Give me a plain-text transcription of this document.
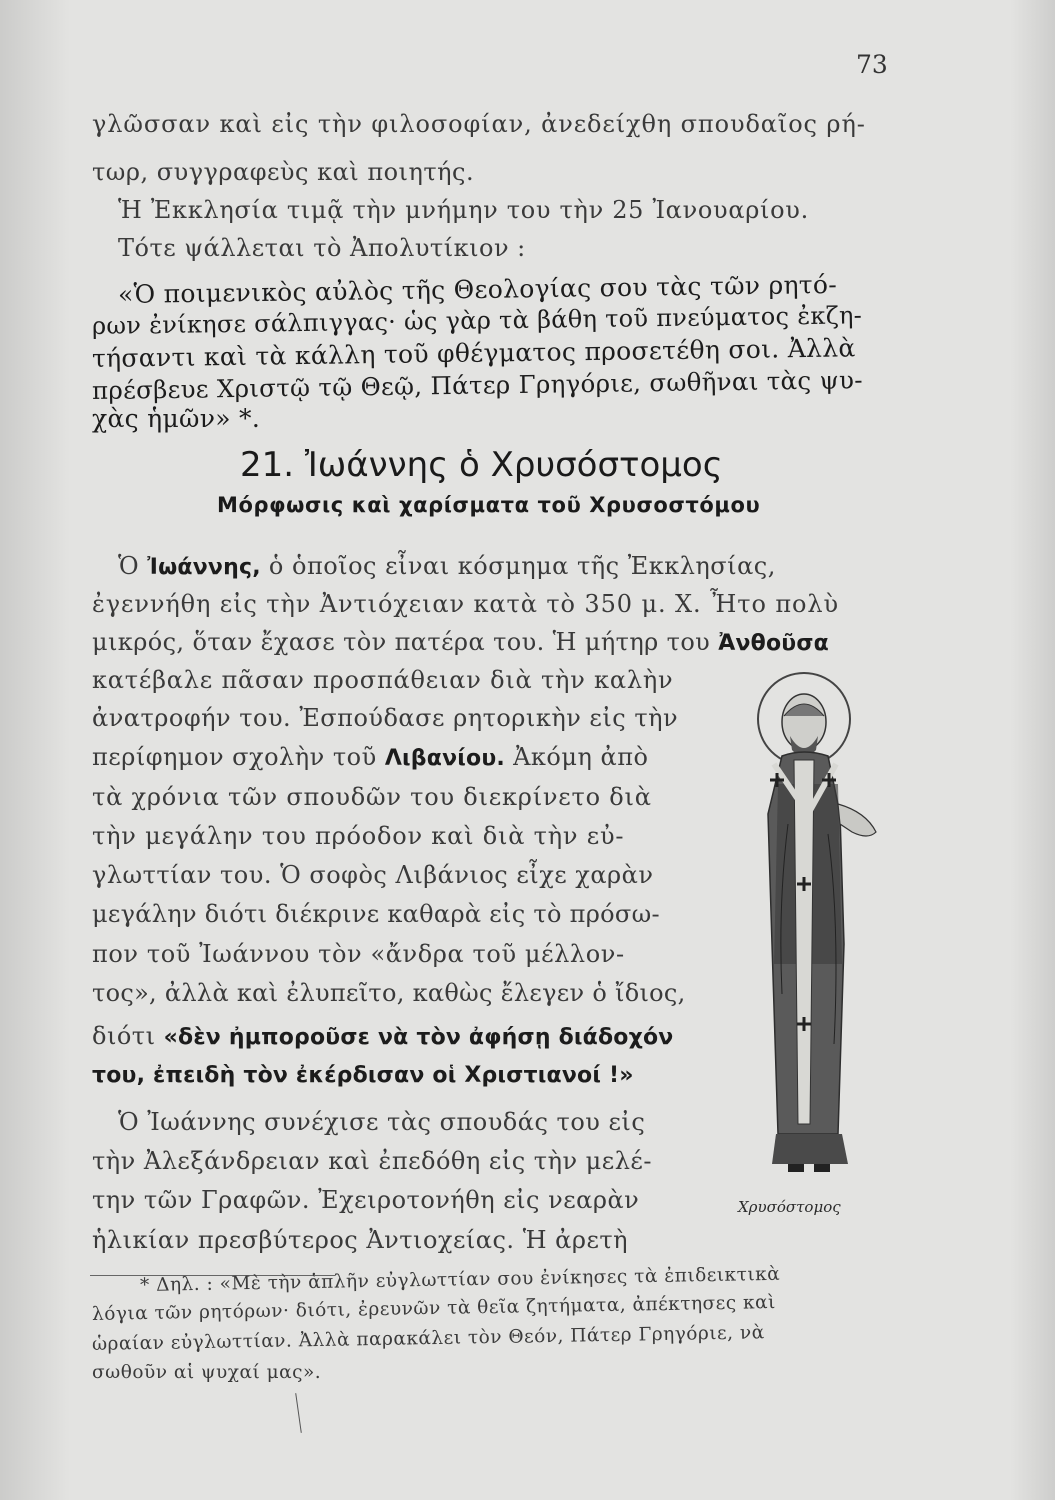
73
γλῶσσαν καὶ εἰς τὴν φιλοσοφίαν, ἀνεδείχθη σπουδαῖος ρή-
τωρ, συγγραφεὺς καὶ ποιητής.
Ἡ Ἐκκλησία τιμᾷ τὴν μνήμην του τὴν 25 Ἰανουαρίου.
Τότε ψάλλεται τὸ Ἀπολυτίκιον :
«Ὁ ποιμενικὸς αὐλὸς τῆς Θεολογίας σου τὰς τῶν ρητό-
ρων ἐνίκησε σάλπιγγας· ὡς γὰρ τὰ βάθη τοῦ πνεύματος ἐκζη-
τήσαντι καὶ τὰ κάλλη τοῦ φθέγματος προσετέθη σοι. Ἀλλὰ
πρέσβευε Χριστῷ τῷ Θεῷ, Πάτερ Γρηγόριε, σωθῆναι τὰς ψυ-
χὰς ἡμῶν» *.
21. Ἰωάννης ὁ Χρυσόστομος
Μόρφωσις καὶ χαρίσματα τοῦ Χρυσοστόμου
Ὁ Ἰωάννης, ὁ ὁποῖος εἶναι κόσμημα τῆς Ἐκκλησίας,
ἐγεννήθη εἰς τὴν Ἀντιόχειαν κατὰ τὸ 350 μ. Χ. Ἦτο πολὺ
μικρός, ὅταν ἔχασε τὸν πατέρα του. Ἡ μήτηρ του Ἀνθοῦσα
κατέβαλε πᾶσαν προσπάθειαν διὰ τὴν καλὴν
ἀνατροφήν του. Ἐσπούδασε ρητορικὴν εἰς τὴν
περίφημον σχολὴν τοῦ Λιβανίου. Ἀκόμη ἀπὸ
τὰ χρόνια τῶν σπουδῶν του διεκρίνετο διὰ
τὴν μεγάλην του πρόοδον καὶ διὰ τὴν εὐ-
γλωττίαν του. Ὁ σοφὸς Λιβάνιος εἶχε χαρὰν
μεγάλην διότι διέκρινε καθαρὰ εἰς τὸ πρόσω-
πον τοῦ Ἰωάννου τὸν «ἄνδρα τοῦ μέλλον-
τος», ἀλλὰ καὶ ἐλυπεῖτο, καθὼς ἔλεγεν ὁ ἴδιος,
διότι «δὲν ἠμποροῦσε νὰ τὸν ἀφήσῃ διάδοχόν
του, ἐπειδὴ τὸν ἐκέρδισαν οἱ Χριστιανοί !»
Ὁ Ἰωάννης συνέχισε τὰς σπουδάς του εἰς
τὴν Ἀλεξάνδρειαν καὶ ἐπεδόθη εἰς τὴν μελέ-
την τῶν Γραφῶν. Ἐχειροτονήθη εἰς νεαρὰν
ἡλικίαν πρεσβύτερος Ἀντιοχείας. Ἡ ἀρετὴ
Χρυσόστομος
* Δηλ. : «Μὲ τὴν ἁπλῆν εὐγλωττίαν σου ἐνίκησες τὰ ἐπιδεικτικὰ
λόγια τῶν ρητόρων· διότι, ἐρευνῶν τὰ θεῖα ζητήματα, ἀπέκτησες καὶ
ὡραίαν εὐγλωττίαν. Ἀλλὰ παρακάλει τὸν Θεόν, Πάτερ Γρηγόριε, νὰ
σωθοῦν αἱ ψυχαί μας».
